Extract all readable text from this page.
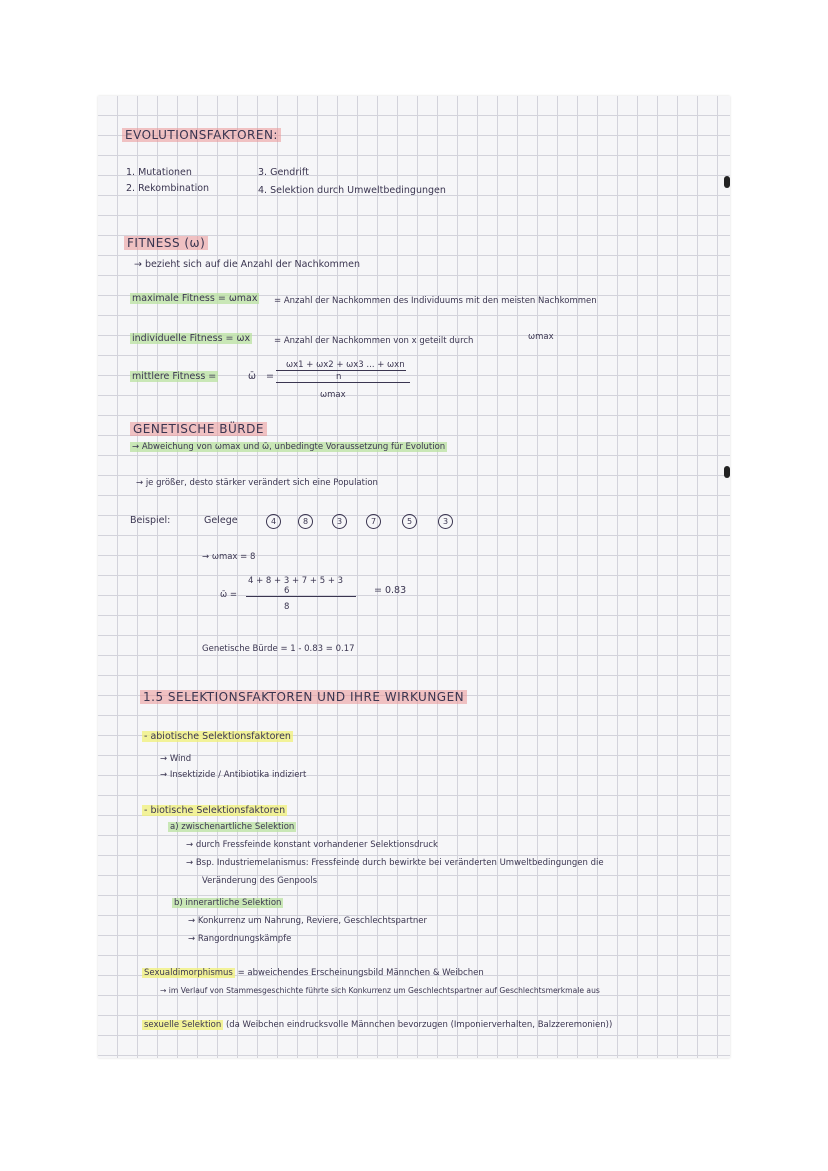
EVOLUTIONSFAKTOREN:
1. Mutationen
2. Rekombination
3. Gendrift
4. Selektion durch Umweltbedingungen
FITNESS (ω)
→ bezieht sich auf die Anzahl der Nachkommen
maximale Fitness = ωmax = Anzahl der Nachkommen des Individuums mit den meisten Nachkommen
individuelle Fitness = ωx	= Anzahl der Nachkommen von x geteilt durch	ωmax
mittlere Fitness =	ω̄ =
ωx1 + ωx2 + ωx3 ... + ωxn
n
ωmax
GENETISCHE BÜRDE
→ Abweichung von ωmax und ω̄, unbedingte Voraussetzung für Evolution
→ je größer, desto stärker verändert sich eine Population
Beispiel:	Gelege	4	8	3	7	5	3
→ ωmax = 8
ω̄ =
4 + 8 + 3 + 7 + 5 + 3
6
8
= 0.83
Genetische Bürde = 1 - 0.83 = 0.17
1.5 SELEKTIONSFAKTOREN UND IHRE WIRKUNGEN
- abiotische Selektionsfaktoren
→ Wind
→ Insektizide / Antibiotika indiziert
- biotische Selektionsfaktoren
a) zwischenartliche Selektion
→ durch Fressfeinde konstant vorhandener Selektionsdruck
→ Bsp. Industriemelanismus: Fressfeinde durch bewirkte bei veränderten Umweltbedingungen die
Veränderung des Genpools
b) innerartliche Selektion
→ Konkurrenz um Nahrung, Reviere, Geschlechtspartner
→ Rangordnungskämpfe
Sexualdimorphismus = abweichendes Erscheinungsbild Männchen & Weibchen
→ im Verlauf von Stammesgeschichte führte sich Konkurrenz um Geschlechtspartner auf Geschlechtsmerkmale aus
sexuelle Selektion (da Weibchen eindrucksvolle Männchen bevorzugen (Imponierverhalten, Balzzeremonien))
